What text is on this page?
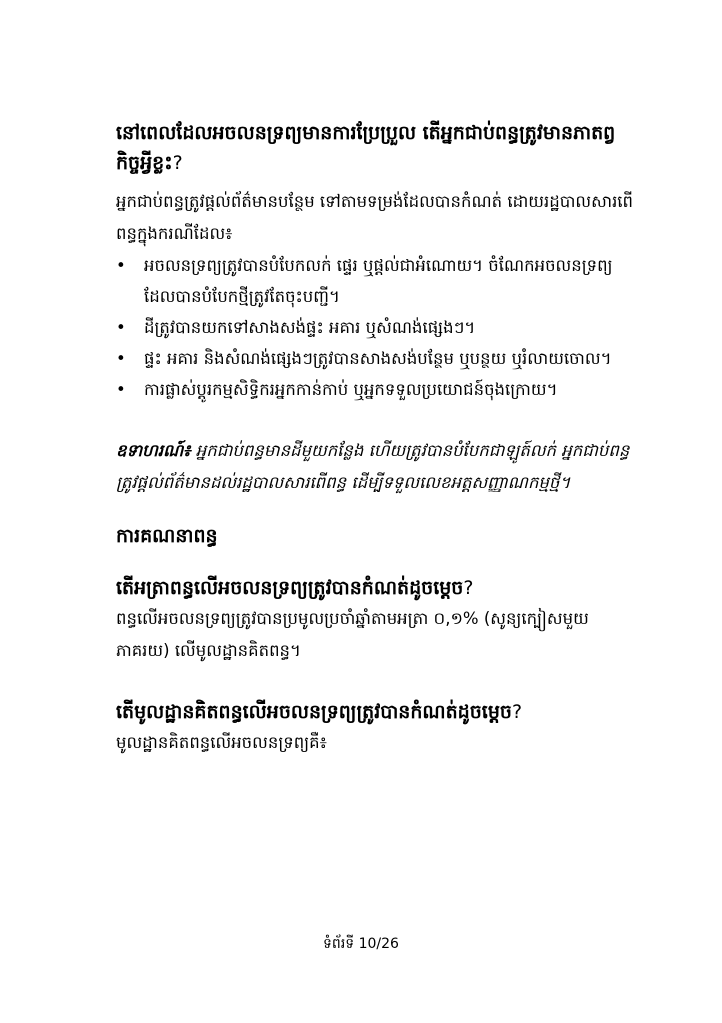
នៅពេលដែលអចលនទ្រព្យមានការប្រែប្រួល តើអ្នកជាប់ពន្ធត្រូវមានភាតព្វកិច្ចអ្វីខ្លះ?

អ្នកជាប់ពន្ធត្រូវផ្តល់ព័ត៌មានបន្ថែម ទៅតាមទម្រង់ដែលបានកំណត់ ដោយរដ្ឋបាលសារពើពន្ធក្នុងករណីដែល៖

• អចលនទ្រព្យត្រូវបានបំបែកលក់ ផ្ទេរ ឬផ្តល់ជាអំណោយ។ ចំណែកអចលនទ្រព្យដែលបានបំបែកថ្មីត្រូវតែចុះបញ្ជី។
• ដីត្រូវបានយកទៅសាងសង់ផ្ទះ អគារ ឬសំណង់ផ្សេងៗ។
• ផ្ទះ អគារ និងសំណង់ផ្សេងៗត្រូវបានសាងសង់បន្ថែម ឬបន្ថយ ឬរំលាយចោល។
• ការផ្លាស់ប្តូរកម្មសិទ្ធិករអ្នកកាន់កាប់ ឬអ្នកទទួលប្រយោជន៍ចុងក្រោយ។

ឧទាហរណ៍៖ អ្នកជាប់ពន្ធមានដីមួយកន្លែង ហើយត្រូវបានបំបែកជាឡូត៍លក់ អ្នកជាប់ពន្ធត្រូវផ្តល់ព័ត៌មានដល់រដ្ឋបាលសារពើពន្ធ ដើម្បីទទួលលេខអត្តសញ្ញាណកម្មថ្មី។

ការគណនាពន្ធ
តើអត្រាពន្ធលើអចលនទ្រព្យត្រូវបានកំណត់ដូចម្តេច?

ពន្ធលើអចលនទ្រព្យត្រូវបានប្រមូលប្រចាំឆ្នាំតាមអត្រា ០,១% (សូន្យក្បៀសមួយភាគរយ) លើមូលដ្ឋានគិតពន្ធ។

តើមូលដ្ឋានគិតពន្ធលើអចលនទ្រព្យត្រូវបានកំណត់ដូចម្តេច?

មូលដ្ឋានគិតពន្ធលើអចលនទ្រព្យគឺ៖

ទំព័រទី 10/26
